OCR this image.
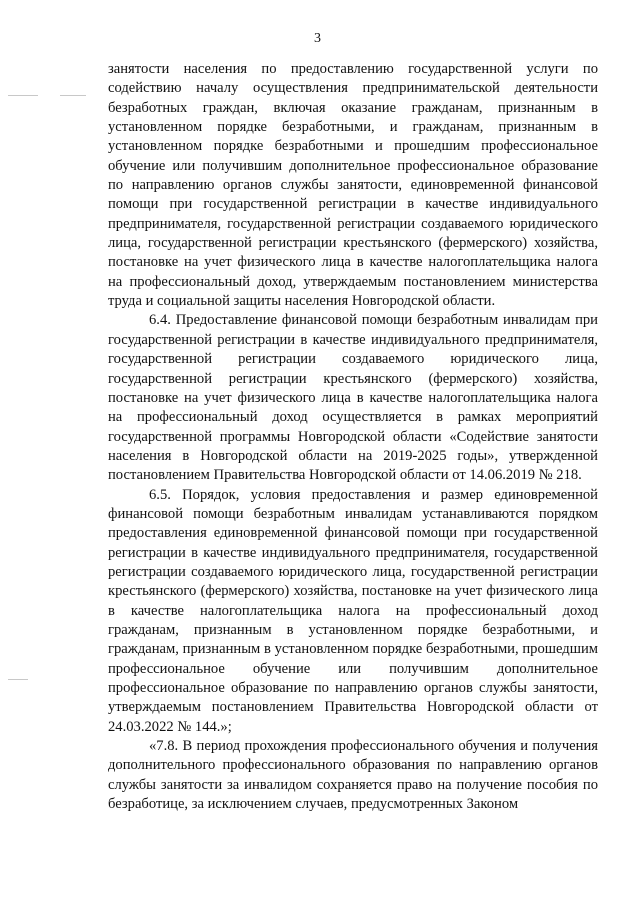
3

занятости населения по предоставлению государственной услуги по содействию началу осуществления предпринимательской деятельности безработных граждан, включая оказание гражданам, признанным в установленном порядке безработными, и гражданам, признанным в установленном порядке безработными и прошедшим профессиональное обучение или получившим дополнительное профессиональное образование по направлению органов службы занятости, единовременной финансовой помощи при государственной регистрации в качестве индивидуального предпринимателя, государственной регистрации создаваемого юридического лица, государственной регистрации крестьянского (фермерского) хозяйства, постановке на учет физического лица в качестве налогоплательщика налога на профессиональный доход, утверждаемым постановлением министерства труда и социальной защиты населения Новгородской области.

6.4. Предоставление финансовой помощи безработным инвалидам при государственной регистрации в качестве индивидуального предпринимателя, государственной регистрации создаваемого юридического лица, государственной регистрации крестьянского (фермерского) хозяйства, постановке на учет физического лица в качестве налогоплательщика налога на профессиональный доход осуществляется в рамках мероприятий государственной программы Новгородской области «Содействие занятости населения в Новгородской области на 2019-2025 годы», утвержденной постановлением Правительства Новгородской области от 14.06.2019 № 218.

6.5. Порядок, условия предоставления и размер единовременной финансовой помощи безработным инвалидам устанавливаются порядком предоставления единовременной финансовой помощи при государственной регистрации в качестве индивидуального предпринимателя, государственной регистрации создаваемого юридического лица, государственной регистрации крестьянского (фермерского) хозяйства, постановке на учет физического лица в качестве налогоплательщика налога на профессиональный доход гражданам, признанным в установленном порядке безработными, и гражданам, признанным в установленном порядке безработными, прошедшим профессиональное обучение или получившим дополнительное профессиональное образование по направлению органов службы занятости, утверждаемым постановлением Правительства Новгородской области от 24.03.2022 № 144.»;

«7.8. В период прохождения профессионального обучения и получения дополнительного профессионального образования по направлению органов службы занятости за инвалидом сохраняется право на получение пособия по безработице, за исключением случаев, предусмотренных Законом
